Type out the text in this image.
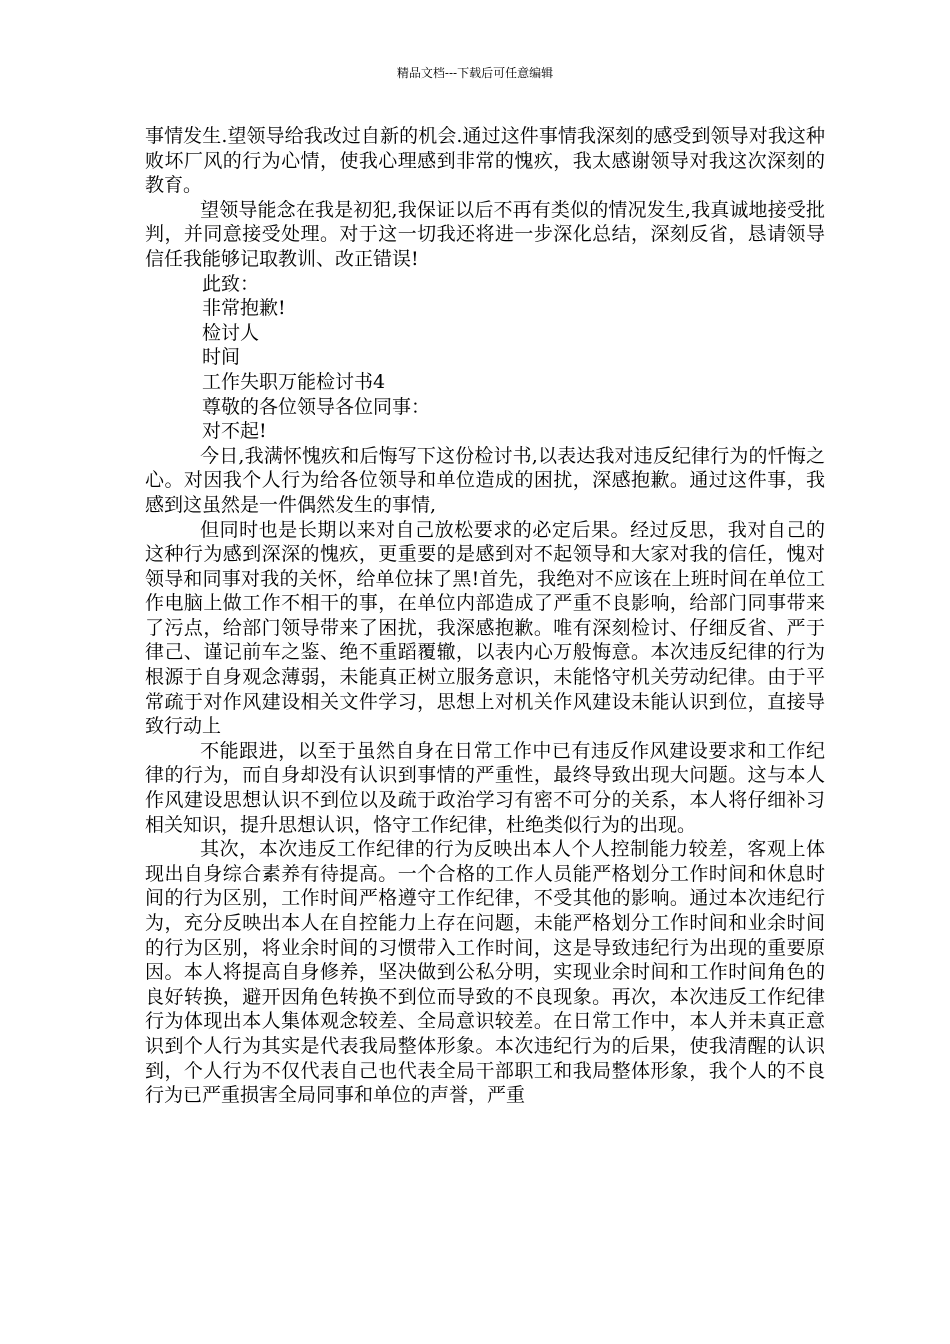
精品文档---下载后可任意编辑

事情发生.望领导给我改过自新的机会.通过这件事情我深刻的感受到领导对我这种败坏厂风的行为心情，使我心理感到非常的愧疚，我太感谢领导对我这次深刻的教育。

望领导能念在我是初犯,我保证以后不再有类似的情况发生,我真诚地接受批判，并同意接受处理。对于这一切我还将进一步深化总结，深刻反省，恳请领导信任我能够记取教训、改正错误!

此致：

非常抱歉!

检讨人

时间

工作失职万能检讨书4

尊敬的各位领导各位同事：

对不起!

今日,我满怀愧疚和后悔写下这份检讨书,以表达我对违反纪律行为的忏悔之心。对因我个人行为给各位领导和单位造成的困扰，深感抱歉。通过这件事，我感到这虽然是一件偶然发生的事情,

但同时也是长期以来对自己放松要求的必定后果。经过反思，我对自己的这种行为感到深深的愧疚，更重要的是感到对不起领导和大家对我的信任，愧对领导和同事对我的关怀，给单位抹了黑!首先，我绝对不应该在上班时间在单位工作电脑上做工作不相干的事，在单位内部造成了严重不良影响，给部门同事带来了污点，给部门领导带来了困扰，我深感抱歉。唯有深刻检讨、仔细反省、严于律己、谨记前车之鉴、绝不重蹈覆辙，以表内心万般悔意。本次违反纪律的行为根源于自身观念薄弱，未能真正树立服务意识，未能恪守机关劳动纪律。由于平常疏于对作风建设相关文件学习，思想上对机关作风建设未能认识到位，直接导致行动上

不能跟进，以至于虽然自身在日常工作中已有违反作风建设要求和工作纪律的行为，而自身却没有认识到事情的严重性，最终导致出现大问题。这与本人作风建设思想认识不到位以及疏于政治学习有密不可分的关系，本人将仔细补习相关知识，提升思想认识，恪守工作纪律，杜绝类似行为的出现。

其次，本次违反工作纪律的行为反映出本人个人控制能力较差，客观上体现出自身综合素养有待提高。一个合格的工作人员能严格划分工作时间和休息时间的行为区别，工作时间严格遵守工作纪律，不受其他的影响。通过本次违纪行为，充分反映出本人在自控能力上存在问题，未能严格划分工作时间和业余时间的行为区别，将业余时间的习惯带入工作时间，这是导致违纪行为出现的重要原因。本人将提高自身修养，坚决做到公私分明，实现业余时间和工作时间角色的良好转换，避开因角色转换不到位而导致的不良现象。再次，本次违反工作纪律行为体现出本人集体观念较差、全局意识较差。在日常工作中，本人并未真正意识到个人行为其实是代表我局整体形象。本次违纪行为的后果，使我清醒的认识到，个人行为不仅代表自己也代表全局干部职工和我局整体形象，我个人的不良行为已严重损害全局同事和单位的声誉，严重
